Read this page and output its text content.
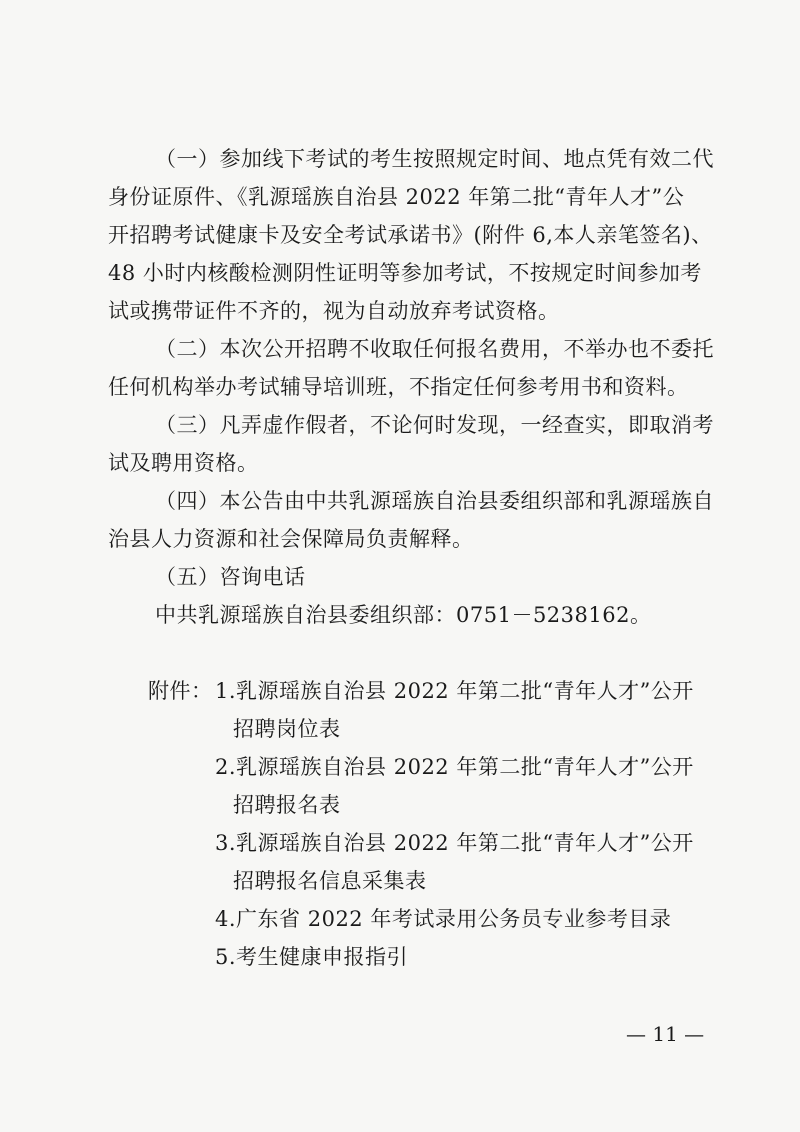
（一）参加线下考试的考生按照规定时间、地点凭有效二代
身份证原件、《乳源瑶族自治县 2022 年第二批“青年人才”公
开招聘考试健康卡及安全考试承诺书》(附件 6,本人亲笔签名)、
48 小时内核酸检测阴性证明等参加考试，不按规定时间参加考
试或携带证件不齐的，视为自动放弃考试资格。
（二）本次公开招聘不收取任何报名费用，不举办也不委托
任何机构举办考试辅导培训班，不指定任何参考用书和资料。
（三）凡弄虚作假者，不论何时发现，一经查实，即取消考
试及聘用资格。
（四）本公告由中共乳源瑶族自治县委组织部和乳源瑶族自
治县人力资源和社会保障局负责解释。
（五）咨询电话
中共乳源瑶族自治县委组织部：0751－5238162。
附件： 1.乳源瑶族自治县 2022 年第二批“青年人才”公开
招聘岗位表
2.乳源瑶族自治县 2022 年第二批“青年人才”公开
招聘报名表
3.乳源瑶族自治县 2022 年第二批“青年人才”公开
招聘报名信息采集表
4.广东省 2022 年考试录用公务员专业参考目录
5.考生健康申报指引
— 11 —
